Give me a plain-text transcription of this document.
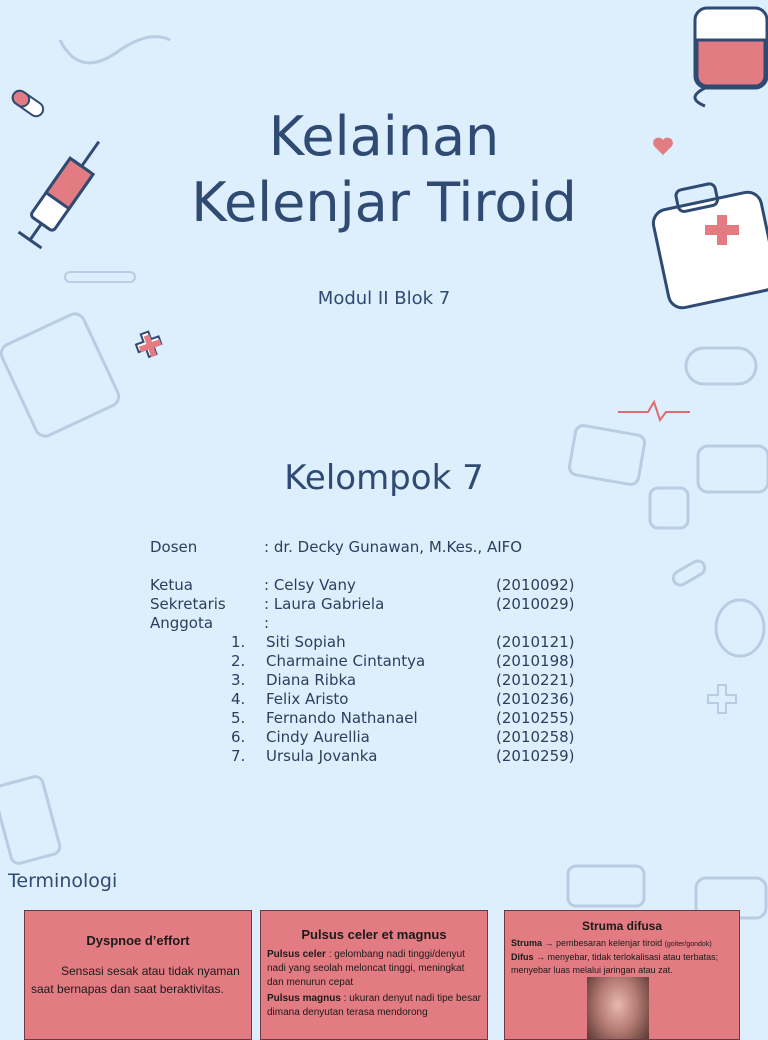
Kelainan
Kelenjar Tiroid
Modul II Blok 7
Kelompok 7
Dosen	: dr. Decky Gunawan, M.Kes., AIFO
Ketua	: Celsy Vany	(2010092)
Sekretaris	: Laura Gabriela	(2010029)
Anggota	:
1. Siti Sopiah	(2010121)
2. Charmaine Cintantya	(2010198)
3. Diana Ribka	(2010221)
4. Felix Aristo	(2010236)
5. Fernando Nathanael	(2010255)
6. Cindy Aurellia	(2010258)
7. Ursula Jovanka	(2010259)
Terminologi
Dyspnoe d’effort
Sensasi sesak atau tidak nyaman saat bernapas dan saat beraktivitas.
Pulsus celer et magnus
Pulsus celer : gelombang nadi tinggi/denyut nadi yang seolah meloncat tinggi, meningkat dan menurun cepat
Pulsus magnus : ukuran denyut nadi tipe besar dimana denyutan terasa mendorong
Struma difusa
Struma → pembesaran kelenjar tiroid (goiter/gondok)
Difus → menyebar, tidak terlokalisasi atau terbatas; menyebar luas melalui jaringan atau zat.
